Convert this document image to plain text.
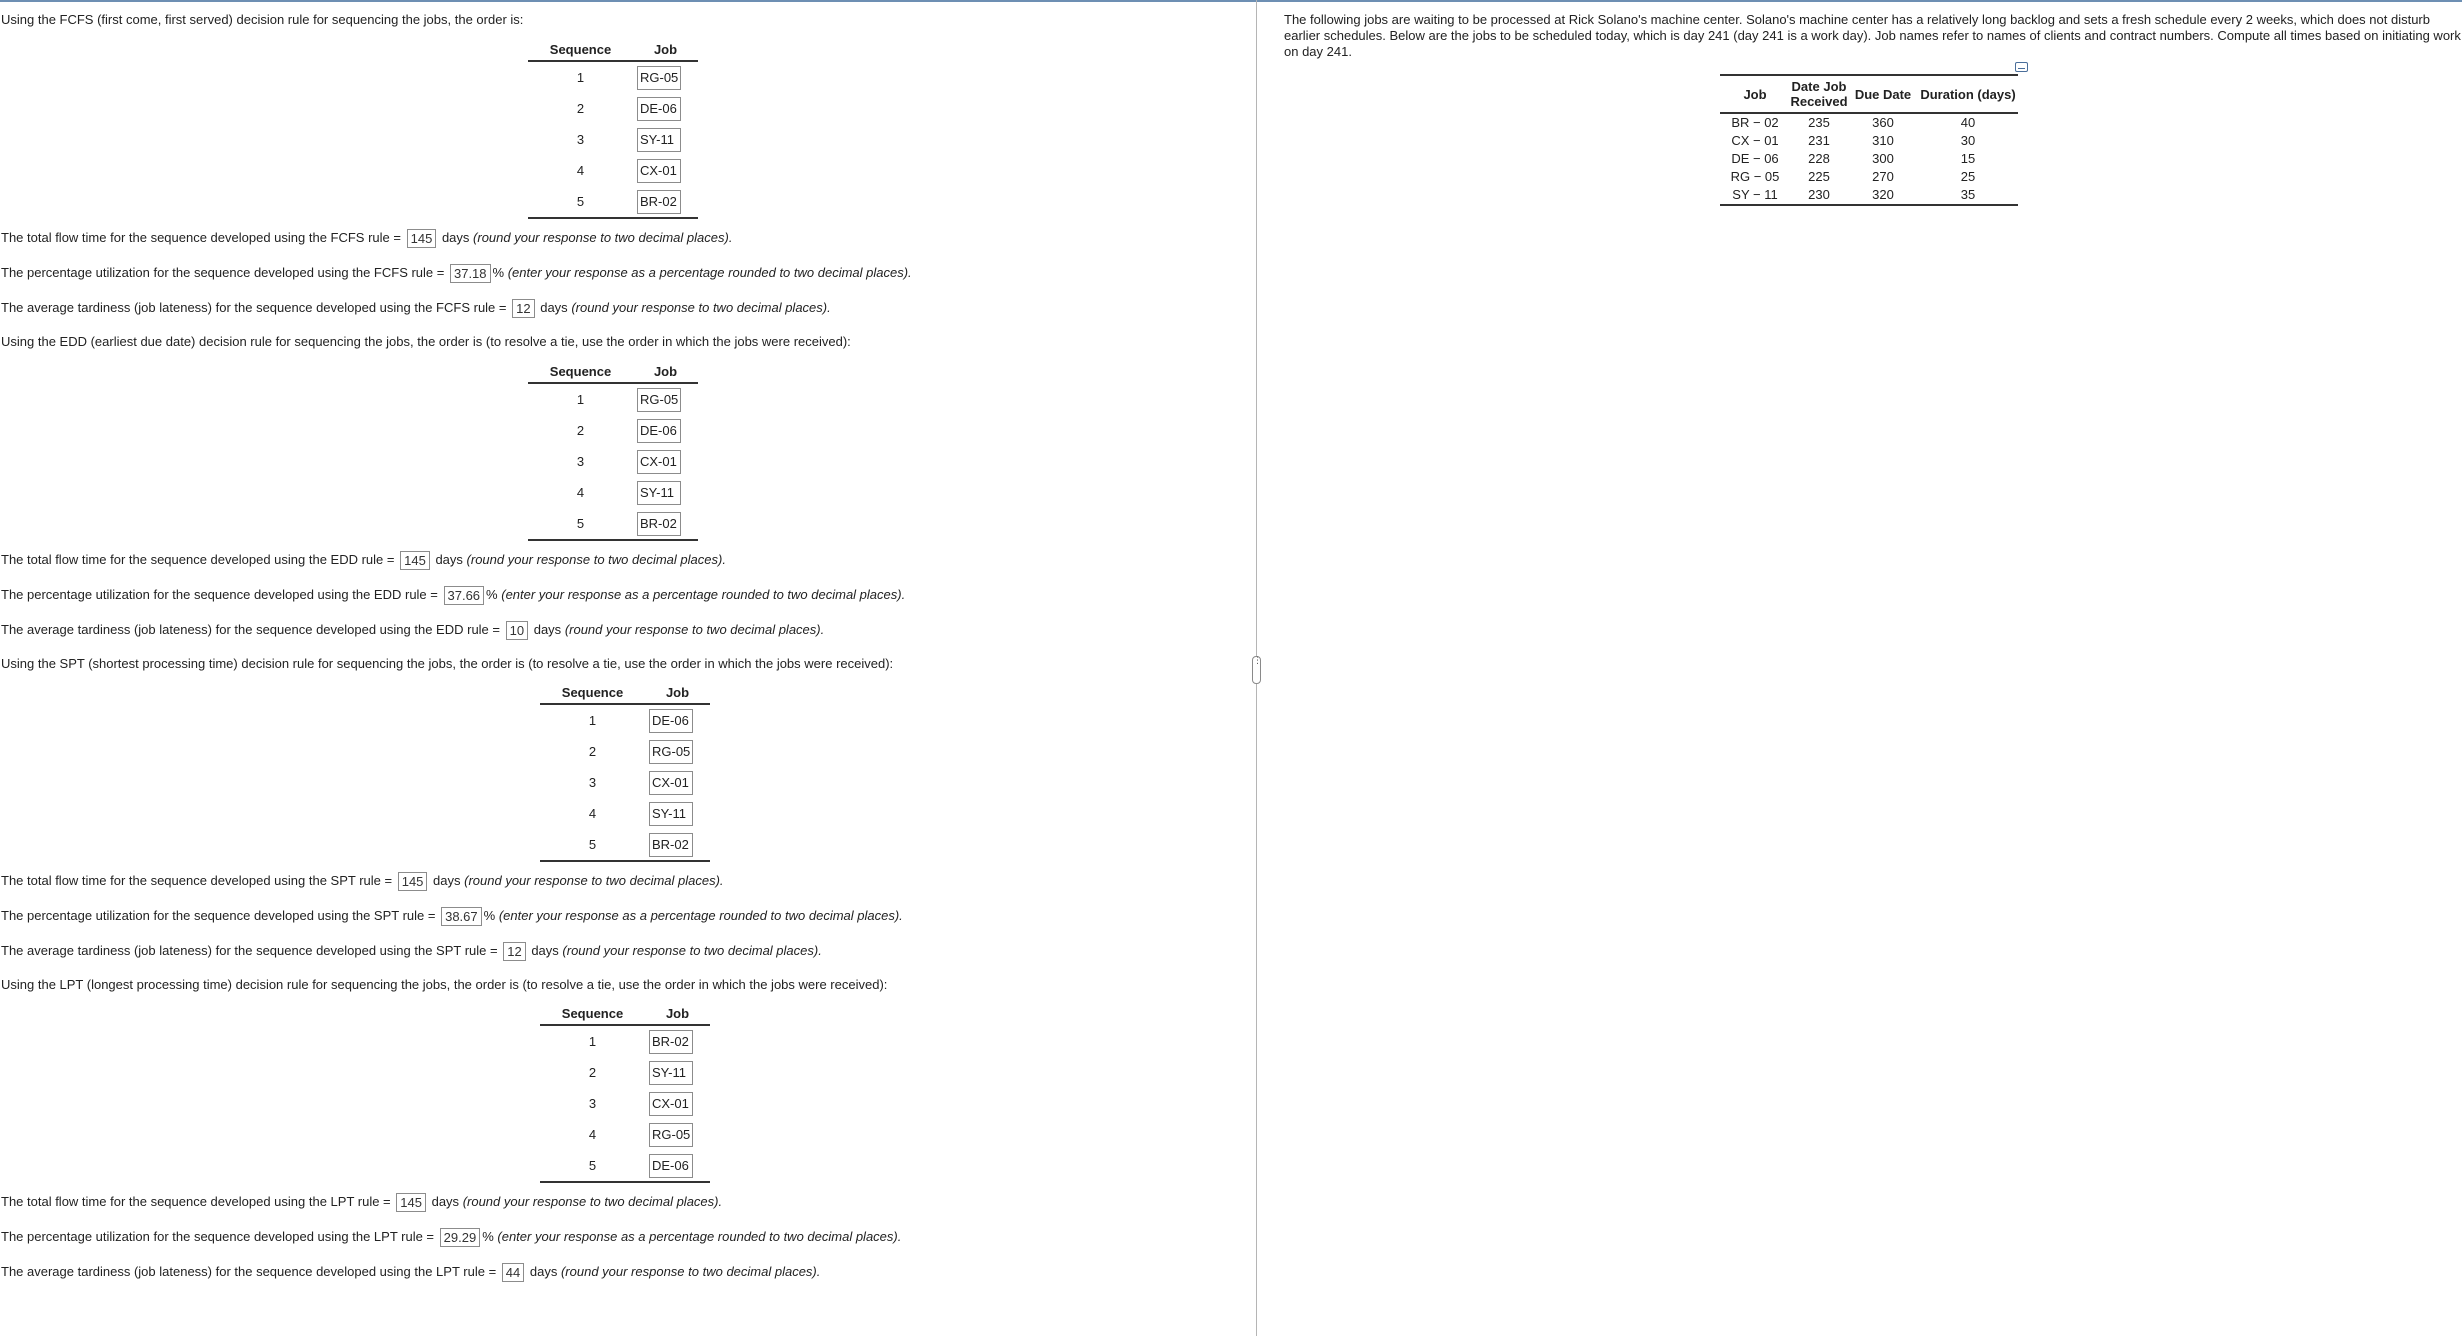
Using the FCFS (first come, first served) decision rule for sequencing the jobs, the order is:
Sequence	Job
1	RG-05
2	DE-06
3	SY-11
4	CX-01
5	BR-02
The total flow time for the sequence developed using the FCFS rule = 145 days (round your response to two decimal places).
The percentage utilization for the sequence developed using the FCFS rule = 37.18 % (enter your response as a percentage rounded to two decimal places).
The average tardiness (job lateness) for the sequence developed using the FCFS rule = 12 days (round your response to two decimal places).
Using the EDD (earliest due date) decision rule for sequencing the jobs, the order is (to resolve a tie, use the order in which the jobs were received):
Sequence	Job
1	RG-05
2	DE-06
3	CX-01
4	SY-11
5	BR-02
The total flow time for the sequence developed using the EDD rule = 145 days (round your response to two decimal places).
The percentage utilization for the sequence developed using the EDD rule = 37.66 % (enter your response as a percentage rounded to two decimal places).
The average tardiness (job lateness) for the sequence developed using the EDD rule = 10 days (round your response to two decimal places).
Using the SPT (shortest processing time) decision rule for sequencing the jobs, the order is (to resolve a tie, use the order in which the jobs were received):
Sequence	Job
1	DE-06
2	RG-05
3	CX-01
4	SY-11
5	BR-02
The total flow time for the sequence developed using the SPT rule = 145 days (round your response to two decimal places).
The percentage utilization for the sequence developed using the SPT rule = 38.67 % (enter your response as a percentage rounded to two decimal places).
The average tardiness (job lateness) for the sequence developed using the SPT rule = 12 days (round your response to two decimal places).
Using the LPT (longest processing time) decision rule for sequencing the jobs, the order is (to resolve a tie, use the order in which the jobs were received):
Sequence	Job
1	BR-02
2	SY-11
3	CX-01
4	RG-05
5	DE-06
The total flow time for the sequence developed using the LPT rule = 145 days (round your response to two decimal places).
The percentage utilization for the sequence developed using the LPT rule = 29.29 % (enter your response as a percentage rounded to two decimal places).
The average tardiness (job lateness) for the sequence developed using the LPT rule = 44 days (round your response to two decimal places).
⋮
The following jobs are waiting to be processed at Rick Solano's machine center. Solano's machine center has a relatively long backlog and sets a fresh schedule every 2 weeks, which does not disturb earlier schedules. Below are the jobs to be scheduled today, which is day 241 (day 241 is a work day). Job names refer to names of clients and contract numbers. Compute all times based on initiating work on day 241.
Job	Date Job Received	Due Date	Duration (days)
BR − 02	235	360	40
CX − 01	231	310	30
DE − 06	228	300	15
RG − 05	225	270	25
SY − 11	230	320	35
